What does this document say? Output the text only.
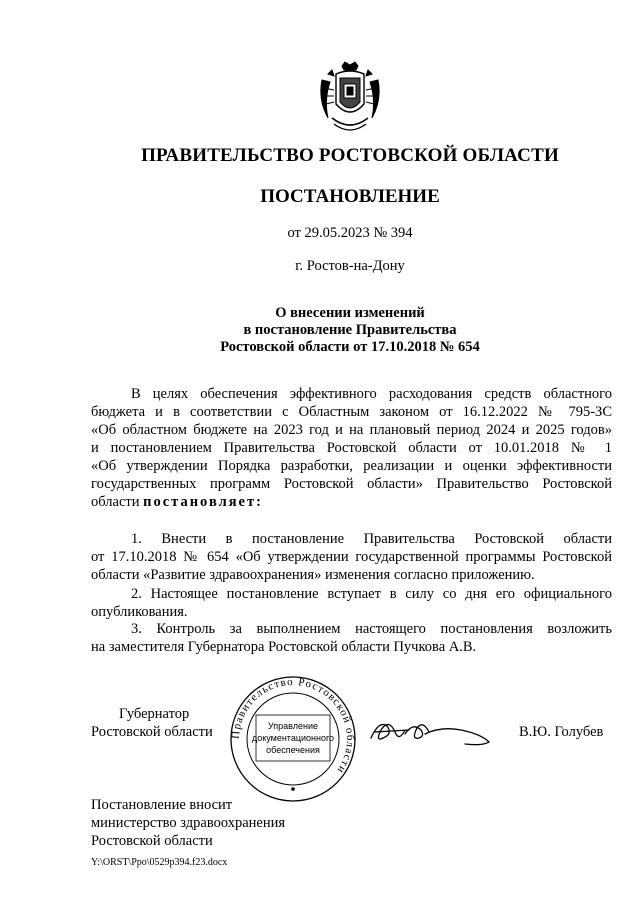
ПРАВИТЕЛЬСТВО РОСТОВСКОЙ ОБЛАСТИ
ПОСТАНОВЛЕНИЕ
от 29.05.2023 № 394
г. Ростов-на-Дону
О внесении изменений
в постановление Правительства
Ростовской области от 17.10.2018 № 654
В целях обеспечения эффективного расходования средств областного
бюджета и в соответствии с Областным законом от 16.12.2022 № 795-ЗС
«Об областном бюджете на 2023 год и на плановый период 2024 и 2025 годов»
и постановлением Правительства Ростовской области от 10.01.2018 № 1
«Об утверждении Порядка разработки, реализации и оценки эффективности
государственных программ Ростовской области» Правительство Ростовской
области постановляет:
1. Внести в постановление Правительства Ростовской области
от 17.10.2018 № 654 «Об утверждении государственной программы Ростовской
области «Развитие здравоохранения» изменения согласно приложению.
2. Настоящее постановление вступает в силу со дня его официального
опубликования.
3. Контроль за выполнением настоящего постановления возложить
на заместителя Губернатора Ростовской области Пучкова А.В.
Губернатор
Ростовской области Правительство Ростовской области
Управление
документационного
обеспечения
В.Ю. Голубев
Постановление вносит
министерство здравоохранения
Ростовской области
Y:\ORST\Ppo\0529p394.f23.docx
